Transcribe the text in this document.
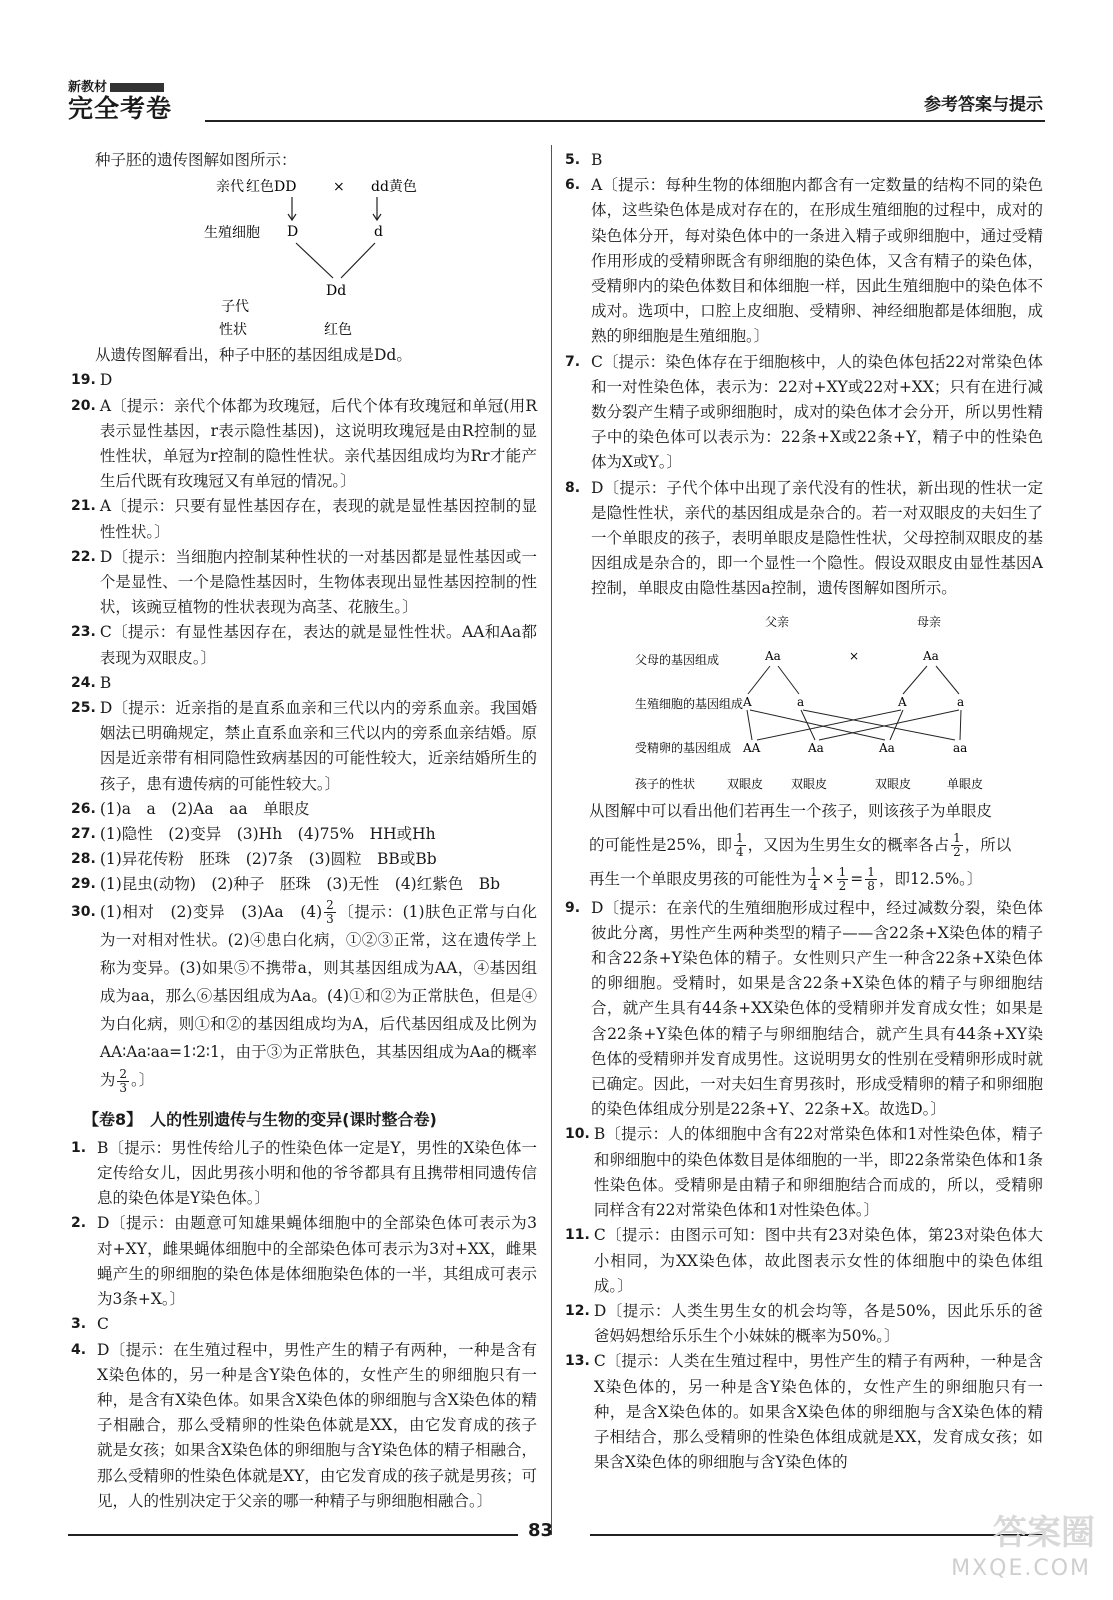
新教材
完全考卷	参考答案与提示
种子胚的遗传图解如图所示：
亲代 红色DD	× dd黄色
生殖细胞 D	d
子代
Dd
性状	红色
从遗传图解看出，种子中胚的基因组成是Dd。
19. D
20. A〔提示：亲代个体都为玫瑰冠，后代个体有玫瑰冠和单冠(用R表示显性基因，r表示隐性基因)，这说明玫瑰冠是由R控制的显性性状，单冠为r控制的隐性性状。亲代基因组成均为Rr才能产生后代既有玫瑰冠又有单冠的情况。〕
21. A〔提示：只要有显性基因存在，表现的就是显性基因控制的显性性状。〕
22. D〔提示：当细胞内控制某种性状的一对基因都是显性基因或一个是显性、一个是隐性基因时，生物体表现出显性基因控制的性状，该豌豆植物的性状表现为高茎、花腋生。〕
23. C〔提示：有显性基因存在，表达的就是显性性状。AA和Aa都表现为双眼皮。〕
24. B
25. D〔提示：近亲指的是直系血亲和三代以内的旁系血亲。我国婚姻法已明确规定，禁止直系血亲和三代以内的旁系血亲结婚。原因是近亲带有相同隐性致病基因的可能性较大，近亲结婚所生的孩子，患有遗传病的可能性较大。〕
26. (1)a　a　(2)Aa　aa　单眼皮
27. (1)隐性　(2)变异　(3)Hh　(4)75%　HH或Hh
28. (1)异花传粉　胚珠　(2)7条　(3)圆粒　BB或Bb
29. (1)昆虫(动物)　(2)种子　胚珠　(3)无性　(4)红紫色　Bb
30. (1)相对　(2)变异　(3)Aa　$(4) \frac{2}{3}$ 〔提示：(1)肤色正常与白化为一对相对性状。(2)④患白化病，①②③正常，这在遗传学上称为变异。(3)如果⑤不携带a，则其基因组成为AA，④基因组成为aa，那么⑥基因组成为Aa。(4)①和②为正常肤色，但是④为白化病，则①和②的基因组成均为A，后代基因组成及比例为AA∶Aa∶aa=1∶2∶1，由于③为正常肤色，其基因组成为Aa的概率为 $\frac{2}{3}$ 。〕
【卷8】　人的性别遗传与生物的变异(课时整合卷)
1. B〔提示：男性传给儿子的性染色体一定是Y，男性的X染色体一定传给女儿，因此男孩小明和他的爷爷都具有且携带相同遗传信息的染色体是Y染色体。〕
2. D〔提示：由题意可知雄果蝇体细胞中的全部染色体可表示为3对+XY，雌果蝇体细胞中的全部染色体可表示为3对+XX，雌果蝇产生的卵细胞的染色体是体细胞染色体的一半，其组成可表示为3条+X。〕
3. C
4. D〔提示：在生殖过程中，男性产生的精子有两种，一种是含有X染色体的，另一种是含Y染色体的，女性产生的卵细胞只有一种，是含有X染色体。如果含X染色体的卵细胞与含X染色体的精子相融合，那么受精卵的性染色体就是XX，由它发育成的孩子就是女孩；如果含X染色体的卵细胞与含Y染色体的精子相融合，那么受精卵的性染色体就是XY，由它发育成的孩子就是男孩；可见，人的性别决定于父亲的哪一种精子与卵细胞相融合。〕
5. B
6. A〔提示：每种生物的体细胞内都含有一定数量的结构不同的染色体，这些染色体是成对存在的，在形成生殖细胞的过程中，成对的染色体分开，每对染色体中的一条进入精子或卵细胞中，通过受精作用形成的受精卵既含有卵细胞的染色体，又含有精子的染色体，受精卵内的染色体数目和体细胞一样，因此生殖细胞中的染色体不成对。选项中，口腔上皮细胞、受精卵、神经细胞都是体细胞，成熟的卵细胞是生殖细胞。〕
7. C〔提示：染色体存在于细胞核中，人的染色体包括22对常染色体和一对性染色体，表示为：22对+XY或22对+XX；只有在进行减数分裂产生精子或卵细胞时，成对的染色体才会分开，所以男性精子中的染色体可以表示为：22条+X或22条+Y，精子中的性染色体为X或Y。〕
8. D〔提示：子代个体中出现了亲代没有的性状，新出现的性状一定是隐性性状，亲代的基因组成是杂合的。若一对双眼皮的夫妇生了一个单眼皮的孩子，表明单眼皮是隐性性状，父母控制双眼皮的基因组成是杂合的，即一个显性一个隐性。假设双眼皮由显性基因A控制，单眼皮由隐性基因a控制，遗传图解如图所示。
父亲	母亲
父母的基因组成	Aa	×	Aa
生殖细胞的基因组成 A	a	A	a
受精卵的基因组成 AA	Aa	Aa	aa
孩子的性状	双眼皮 双眼皮	双眼皮	单眼皮
从图解中可以看出他们若再生一个孩子，则该孩子为单眼皮
的可能性是25%，即 $\frac{1}{4}$ ，又因为生男生女的概率各占 $\frac{1}{2}$ ，所以
再生一个单眼皮男孩的可能性为 $\frac{1}{4} \times \frac{1}{2} = \frac{1}{8}$ ，即12.5%。〕
9. D〔提示：在亲代的生殖细胞形成过程中，经过减数分裂，染色体彼此分离，男性产生两种类型的精子——含22条+X染色体的精子和含22条+Y染色体的精子。女性则只产生一种含22条+X染色体的卵细胞。受精时，如果是含22条+X染色体的精子与卵细胞结合，就产生具有44条+XX染色体的受精卵并发育成女性；如果是含22条+Y染色体的精子与卵细胞结合，就产生具有44条+XY染色体的受精卵并发育成男性。这说明男女的性别在受精卵形成时就已确定。因此，一对夫妇生育男孩时，形成受精卵的精子和卵细胞的染色体组成分别是22条+Y、22条+X。故选D。〕
10. B〔提示：人的体细胞中含有22对常染色体和1对性染色体，精子和卵细胞中的染色体数目是体细胞的一半，即22条常染色体和1条性染色体。受精卵是由精子和卵细胞结合而成的，所以，受精卵同样含有22对常染色体和1对性染色体。〕
11. C〔提示：由图示可知：图中共有23对染色体，第23对染色体大小相同，为XX染色体，故此图表示女性的体细胞中的染色体组成。〕
12. D〔提示：人类生男生女的机会均等，各是50%，因此乐乐的爸爸妈妈想给乐乐生个小妹妹的概率为50%。〕
13. C〔提示：人类在生殖过程中，男性产生的精子有两种，一种是含X染色体的，另一种是含Y染色体的，女性产生的卵细胞只有一种，是含X染色体的。如果含X染色体的卵细胞与含X染色体的精子相结合，那么受精卵的性染色体组成就是XX，发育成女孩；如果含X染色体的卵细胞与含Y染色体的
83	答案圈
MXQE.COM
